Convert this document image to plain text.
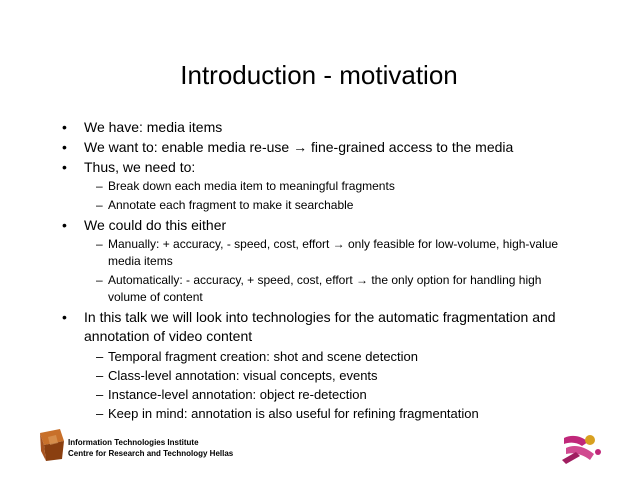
Introduction - motivation
• We have: media items
• We want to: enable media re-use → fine-grained access to the media
• Thus, we need to:
– Break down each media item to meaningful fragments
– Annotate each fragment to make it searchable
• We could do this either
– Manually: + accuracy, - speed, cost, effort → only feasible for low-volume, high-value media items
– Automatically: - accuracy, + speed, cost, effort → the only option for handling high volume of content
• In this talk we will look into technologies for the automatic fragmentation and annotation of video content
– Temporal fragment creation: shot and scene detection
– Class-level annotation: visual concepts, events
– Instance-level annotation: object re-detection
– Keep in mind: annotation is also useful for refining fragmentation
Information Technologies Institute
Centre for Research and Technology Hellas
